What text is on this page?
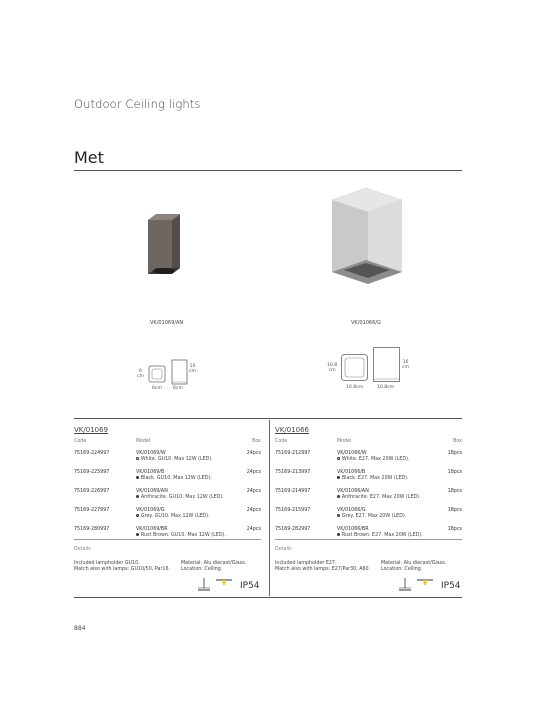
Outdoor Ceiling lights
Met
VK/01069/AN	VK/01066/G
6
cm
10
cm
6cm 6cm
10.8
cm
16
cm
10.8cm	10.8cm
VK/01069
Code	Model	Box
75169-224997	VK/01069/W	24pcs
White. GU10. Max 12W (LED).
75169-225997	VK/01069/B	24pcs
Black. GU10. Max 12W (LED).
75169-226997	VK/01069/AN	24pcs
Anthracite. GU10. Max 12W (LED).
75169-227997	VK/01069/G	24pcs
Grey. GU10. Max 12W (LED).
75169-280997	VK/01069/BR	24pcs
Rust Brown. GU10. Max 12W (LED).
VK/01066
Code	Model	Box
75169-212997	VK/01066/W	18pcs
White. E27. Max 20W (LED).
75169-213997	VK/01066/B	18pcs
Black. E27. Max 20W (LED).
75169-214997	VK/01066/AN	18pcs
Anthracite. E27. Max 20W (LED).
75169-215997	VK/01066/G	18pcs
Grey. E27. Max 20W (LED).
75169-282997	VK/01066/BR	18pcs
Rust Brown. E27. Max 20W (LED).
Details
Included lampholder GU10.
Match also with lamps: GU10/50, Par16.
Material: Alu diecast/Glass.
Location: Ceiling.
IP54
Details
Included lampholder E27.
Match also with lamps: E27/Par30, A60.
Material: Alu diecast/Glass.
Location: Ceiling.
IP54
884
